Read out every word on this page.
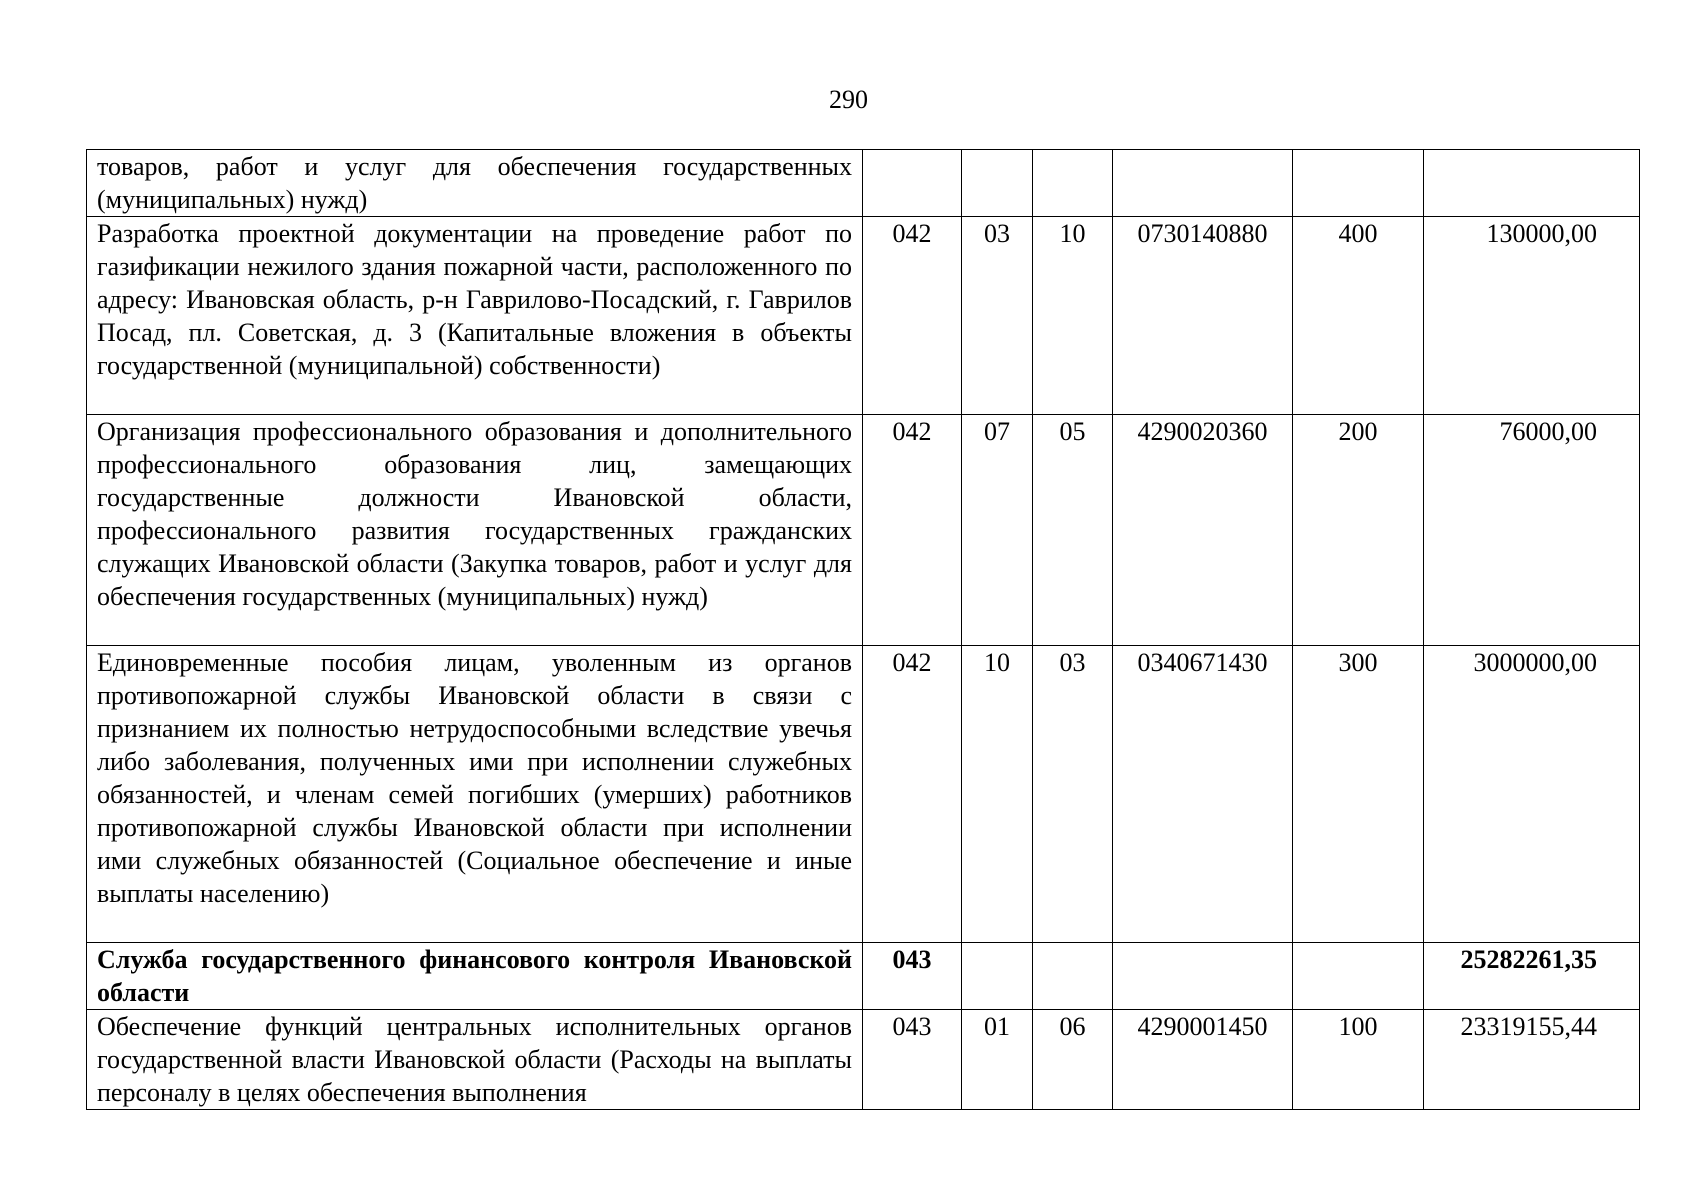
290
товаров, работ и услуг для обеспечения государственных (муниципальных) нужд)						
Разработка проектной документации на проведение работ по газификации нежилого здания пожарной части, расположенного по адресу: Ивановская область, р-н Гаврилово-Посадский, г. Гаврилов Посад, пл. Советская, д. 3 (Капитальные вложения в объекты государственной (муниципальной) собственности)	042	03	10	0730140880	400	130000,00
Организация профессионального образования и дополнительного профессионального образования лиц, замещающих государственные должности Ивановской области, профессионального развития государственных гражданских служащих Ивановской области (Закупка товаров, работ и услуг для обеспечения государственных (муниципальных) нужд)	042	07	05	4290020360	200	76000,00
Единовременные пособия лицам, уволенным из органов противопожарной службы Ивановской области в связи с признанием их полностью нетрудоспособными вследствие увечья либо заболевания, полученных ими при исполнении служебных обязанностей, и членам семей погибших (умерших) работников противопожарной службы Ивановской области при исполнении ими служебных обязанностей (Социальное обеспечение и иные выплаты населению)	042	10	03	0340671430	300	3000000,00
Служба государственного финансового контроля Ивановской области	043					25282261,35
Обеспечение функций центральных исполнительных органов государственной власти Ивановской области (Расходы на выплаты персоналу в целях обеспечения выполнения	043	01	06	4290001450	100	23319155,44
